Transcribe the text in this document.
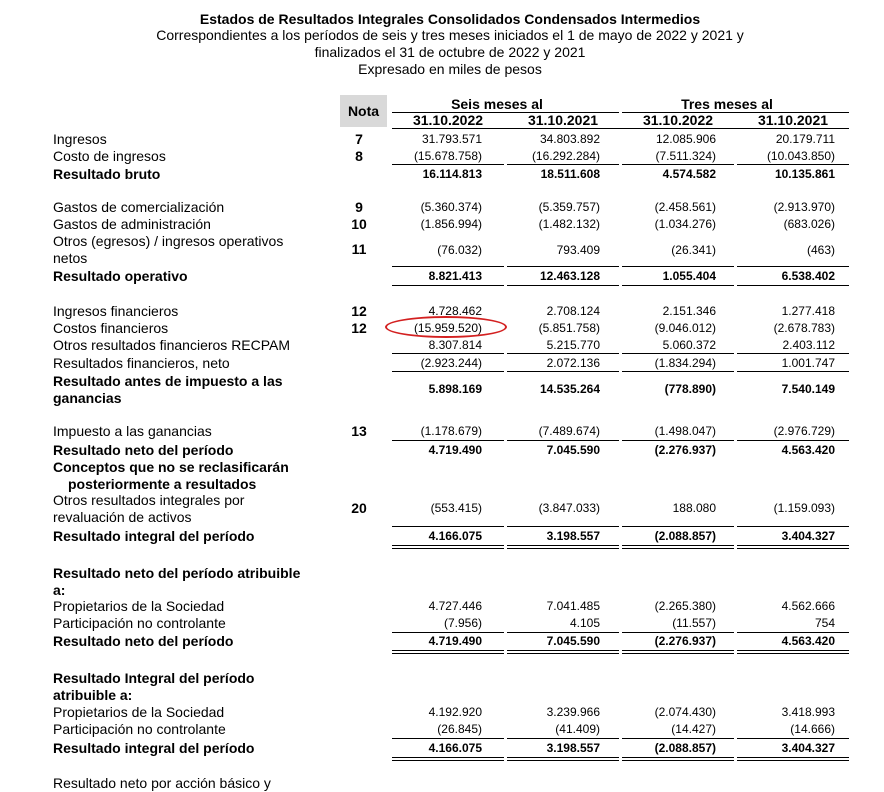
Estados de Resultados Integrales Consolidados Condensados Intermedios
Correspondientes a los períodos de seis y tres meses iniciados el 1 de mayo de 2022 y 2021 y
finalizados el 31 de octubre de 2022 y 2021
Expresado en miles de pesos
Nota	Seis meses al	Tres meses al
31.10.2022	31.10.2021	31.10.2022	31.10.2021
Ingresos	7	31.793.571	34.803.892	12.085.906	20.179.711
Costo de ingresos	8	(15.678.758)	(16.292.284)	(7.511.324)	(10.043.850)
Resultado bruto	16.114.813	18.511.608	4.574.582	10.135.861
Gastos de comercialización	9	(5.360.374)	(5.359.757)	(2.458.561)	(2.913.970)
Gastos de administración	10	(1.856.994)	(1.482.132)	(1.034.276)	(683.026)
Otros (egresos) / ingresos operativos
netos
11	(76.032)	793.409	(26.341)	(463)
Resultado operativo	8.821.413	12.463.128	1.055.404	6.538.402
Ingresos financieros	12	4.728.462	2.708.124	2.151.346	1.277.418
Costos financieros	12	(15.959.520)	(5.851.758)	(9.046.012)	(2.678.783)
Otros resultados financieros RECPAM	8.307.814	5.215.770	5.060.372	2.403.112
Resultados financieros, neto	(2.923.244)	2.072.136	(1.834.294)	1.001.747
Resultado antes de impuesto a las
ganancias
5.898.169	14.535.264	(778.890)	7.540.149
Impuesto a las ganancias	13	(1.178.679)	(7.489.674)	(1.498.047)	(2.976.729)
Resultado neto del período	4.719.490	7.045.590	(2.276.937)	4.563.420
Conceptos que no se reclasificarán
posteriormente a resultados
Otros resultados integrales por
revaluación de activos
20	(553.415)	(3.847.033)	188.080	(1.159.093)
Resultado integral del período	4.166.075	3.198.557	(2.088.857)	3.404.327
Resultado neto del período atribuible
a:
Propietarios de la Sociedad	4.727.446	7.041.485	(2.265.380)	4.562.666
Participación no controlante	(7.956)	4.105	(11.557)	754
Resultado neto del período	4.719.490	7.045.590	(2.276.937)	4.563.420
Resultado Integral del período
atribuible a:
Propietarios de la Sociedad	4.192.920	3.239.966	(2.074.430)	3.418.993
Participación no controlante	(26.845)	(41.409)	(14.427)	(14.666)
Resultado integral del período	4.166.075	3.198.557	(2.088.857)	3.404.327
Resultado neto por acción básico y
